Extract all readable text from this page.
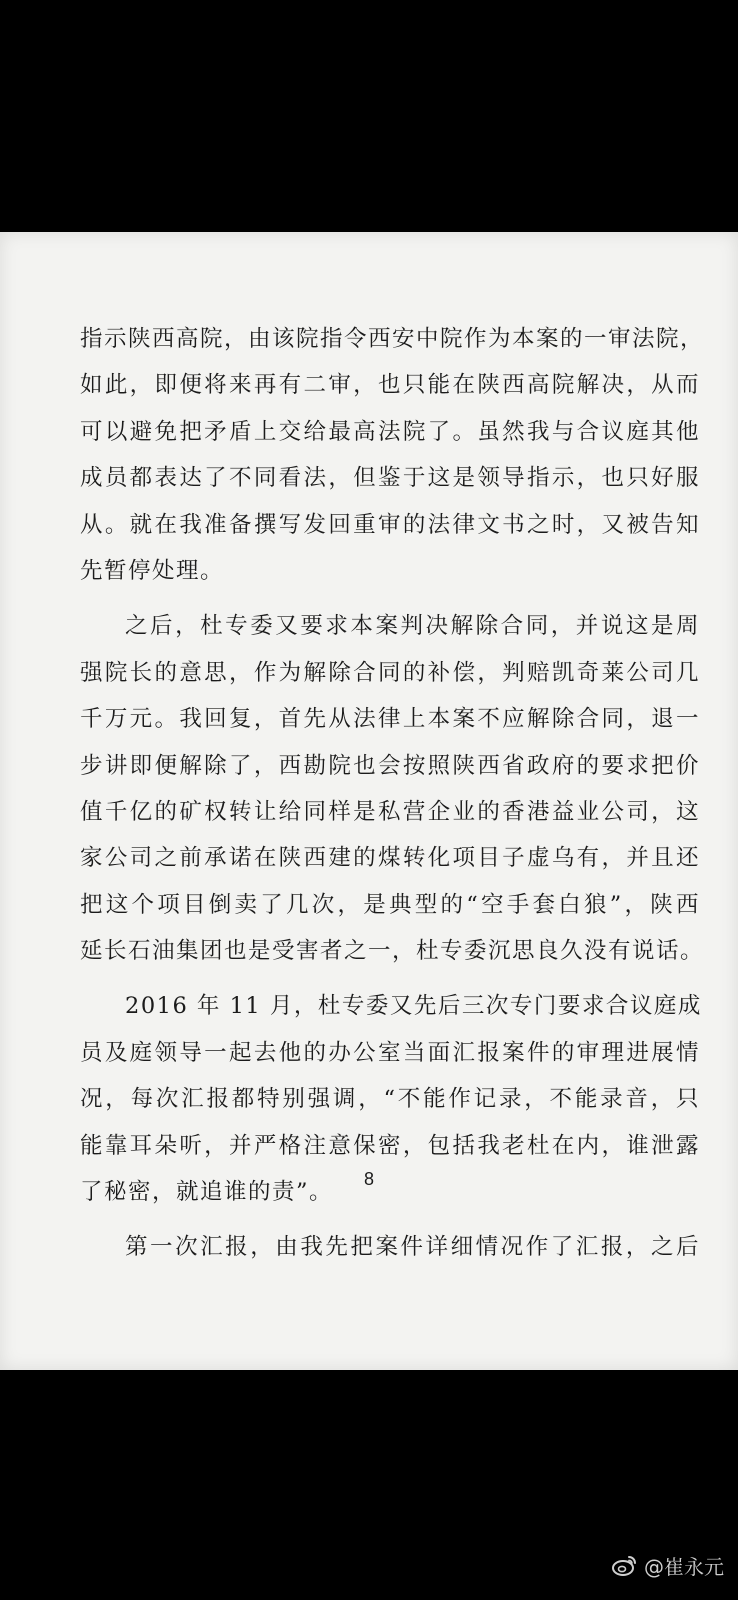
指示陕西高院，由该院指令西安中院作为本案的一审法院，
如此，即便将来再有二审，也只能在陕西高院解决，从而
可以避免把矛盾上交给最高法院了。虽然我与合议庭其他
成员都表达了不同看法，但鉴于这是领导指示，也只好服
从。就在我准备撰写发回重审的法律文书之时，又被告知
先暂停处理。
之后，杜专委又要求本案判决解除合同，并说这是周
强院长的意思，作为解除合同的补偿，判赔凯奇莱公司几
千万元。我回复，首先从法律上本案不应解除合同，退一
步讲即便解除了，西勘院也会按照陕西省政府的要求把价
值千亿的矿权转让给同样是私营企业的香港益业公司，这
家公司之前承诺在陕西建的煤转化项目子虚乌有，并且还
把这个项目倒卖了几次，是典型的“空手套白狼”，陕西
延长石油集团也是受害者之一，杜专委沉思良久没有说话。
2016 年 11 月，杜专委又先后三次专门要求合议庭成
员及庭领导一起去他的办公室当面汇报案件的审理进展情
况，每次汇报都特别强调，“不能作记录，不能录音，只
能靠耳朵听，并严格注意保密，包括我老杜在内，谁泄露
了秘密，就追谁的责”。
第一次汇报，由我先把案件详细情况作了汇报，之后
8
@崔永元
